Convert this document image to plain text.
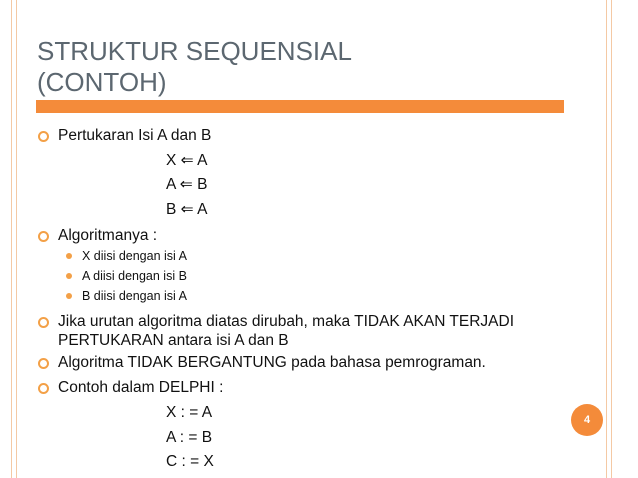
STRUKTUR SEQUENSIAL
(CONTOH)
Pertukaran Isi A dan B
X ⇐ A
A ⇐ B
B ⇐ A
Algoritmanya :
X diisi dengan isi A
A diisi dengan isi B
B diisi dengan isi A
Jika urutan algoritma diatas dirubah, maka TIDAK AKAN TERJADI
PERTUKARAN antara isi A dan B
Algoritma TIDAK BERGANTUNG pada bahasa pemrograman.
Contoh dalam DELPHI :
X : = A
A : = B
C : = X
4
